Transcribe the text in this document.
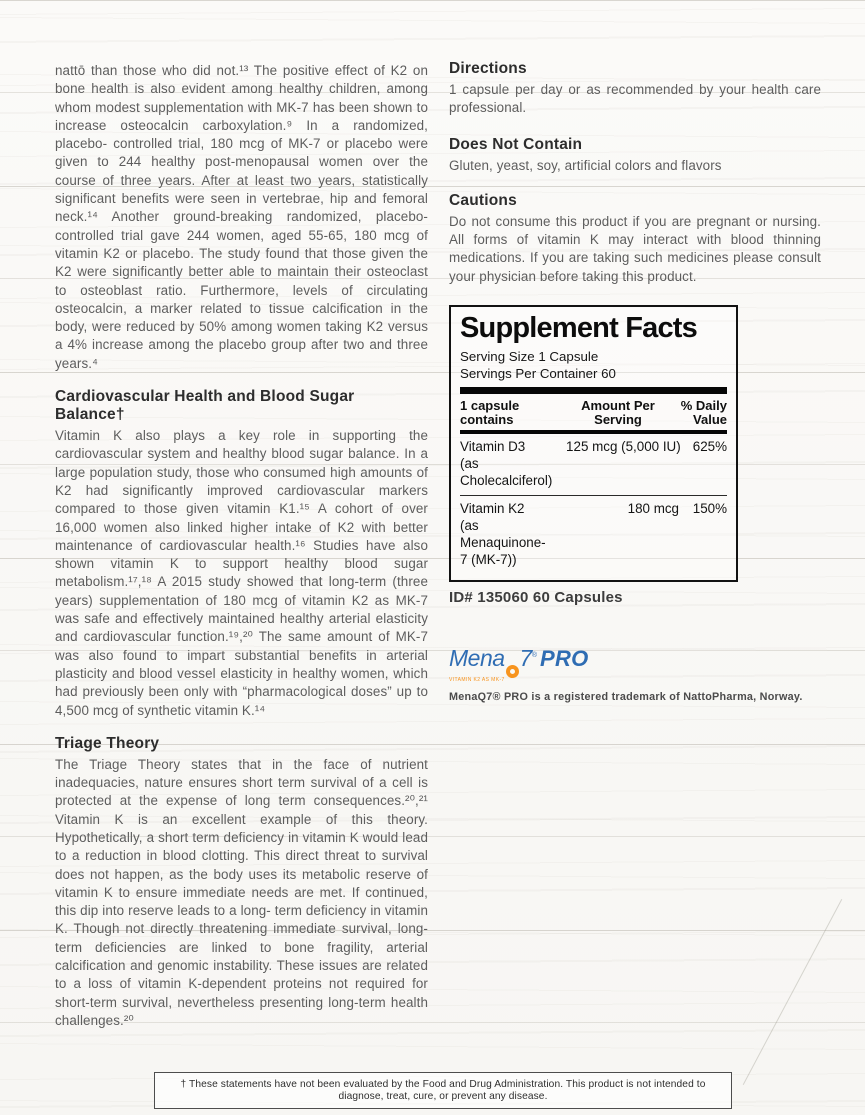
nattō than those who did not.¹³ The positive effect of K2 on bone health is also evident among healthy children, among whom modest supplementation with MK-7 has been shown to increase osteocalcin carboxylation.⁹ In a randomized, placebo- controlled trial, 180 mcg of MK-7 or placebo were given to 244 healthy post-menopausal women over the course of three years. After at least two years, statistically significant benefits were seen in vertebrae, hip and femoral neck.¹⁴ Another ground-breaking randomized, placebo-controlled trial gave 244 women, aged 55-65, 180 mcg of vitamin K2 or placebo. The study found that those given the K2 were significantly better able to maintain their osteoclast to osteoblast ratio. Furthermore, levels of circulating osteocalcin, a marker related to tissue calcification in the body, were reduced by 50% among women taking K2 versus a 4% increase among the placebo group after two and three years.⁴

Cardiovascular Health and Blood Sugar Balance†

Vitamin K also plays a key role in supporting the cardiovascular system and healthy blood sugar balance. In a large population study, those who consumed high amounts of K2 had significantly improved cardiovascular markers compared to those given vitamin K1.¹⁵ A cohort of over 16,000 women also linked higher intake of K2 with better maintenance of cardiovascular health.¹⁶ Studies have also shown vitamin K to support healthy blood sugar metabolism.¹⁷,¹⁸ A 2015 study showed that long-term (three years) supplementation of 180 mcg of vitamin K2 as MK-7 was safe and effectively maintained healthy arterial elasticity and cardiovascular function.¹⁹,²⁰ The same amount of MK-7 was also found to impart substantial benefits in arterial plasticity and blood vessel elasticity in healthy women, which had previously been only with “pharmacological doses” up to 4,500 mcg of synthetic vitamin K.¹⁴

Triage Theory

The Triage Theory states that in the face of nutrient inadequacies, nature ensures short term survival of a cell is protected at the expense of long term consequences.²⁰,²¹ Vitamin K is an excellent example of this theory. Hypothetically, a short term deficiency in vitamin K would lead to a reduction in blood clotting. This direct threat to survival does not happen, as the body uses its metabolic reserve of vitamin K to ensure immediate needs are met. If continued, this dip into reserve leads to a long- term deficiency in vitamin K. Though not directly threatening immediate survival, long-term deficiencies are linked to bone fragility, arterial calcification and genomic instability. These issues are related to a loss of vitamin K-dependent proteins not required for short-term survival, nevertheless presenting long-term health challenges.²⁰

Directions

1 capsule per day or as recommended by your health care professional.

Does Not Contain

Gluten, yeast, soy, artificial colors and flavors

Cautions

Do not consume this product if you are pregnant or nursing. All forms of vitamin K may interact with blood thinning medications. If you are taking such medicines please consult your physician before taking this product.

Supplement Facts
Serving Size 1 Capsule
Servings Per Container 60
1 capsule contains
Amount Per Serving
% Daily Value
Vitamin D3
(as Cholecalciferol)
125 mcg (5,000 IU) 625%
Vitamin K2
(as Menaquinone-7 (MK-7))
180 mcg	150%
ID# 135060 60 Capsules
Mena 7 ® PRO
VITAMIN K2 AS MK-7
MenaQ7® PRO is a registered trademark of NattoPharma, Norway.
† These statements have not been evaluated by the Food and Drug Administration. This product is not intended to diagnose, treat, cure, or prevent any disease.
